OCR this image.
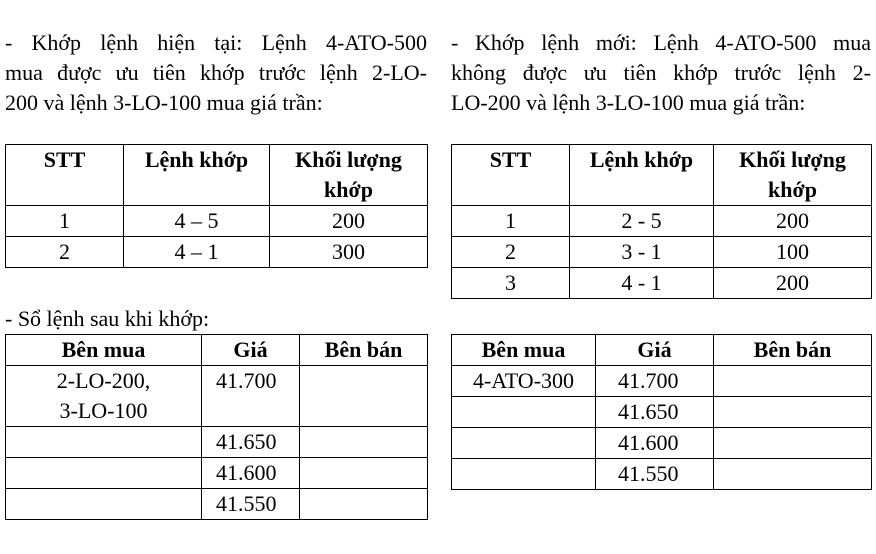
- Khớp lệnh hiện tại: Lệnh 4-ATO-500
mua được ưu tiên khớp trước lệnh 2-LO-
200 và lệnh 3-LO-100 mua giá trần:
- Khớp lệnh mới: Lệnh 4-ATO-500 mua
không được ưu tiên khớp trước lệnh 2-
LO-200 và lệnh 3-LO-100 mua giá trần:
STT	Lệnh khớp	Khối lượng
khớp
1	4 – 5	200
2	4 – 1	300
STT	Lệnh khớp	Khối lượng
khớp
1	2 - 5	200
2	3 - 1	100
3	4 - 1	200
- Sổ lệnh sau khi khớp:
Bên mua	Giá	Bên bán
2-LO-200,
3-LO-100	41.700	
	41.650	
	41.600	
	41.550	
Bên mua	Giá	Bên bán
4-ATO-300	41.700	
	41.650	
	41.600	
	41.550	
